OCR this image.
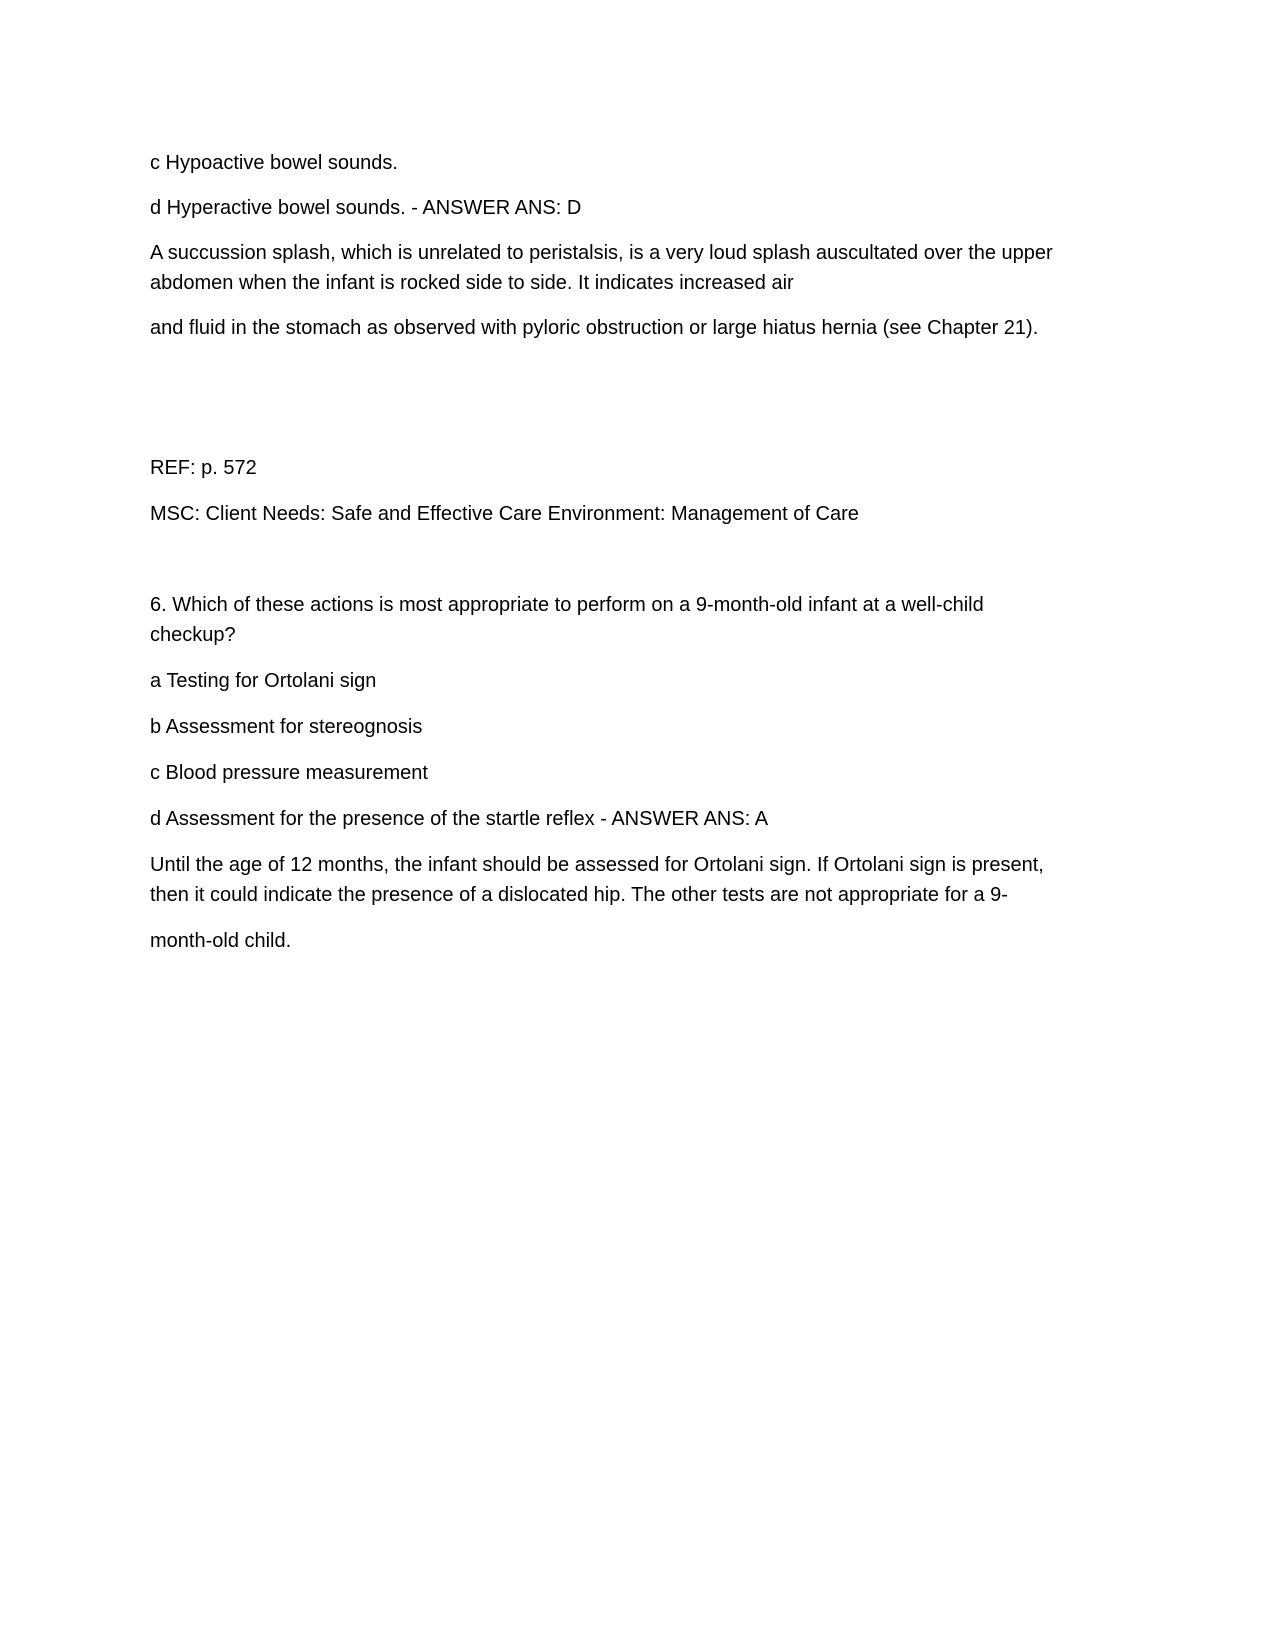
c Hypoactive bowel sounds.
d Hyperactive bowel sounds. - ANSWER ANS: D
A succussion splash, which is unrelated to peristalsis, is a very loud splash auscultated over the upper
abdomen when the infant is rocked side to side. It indicates increased air
and fluid in the stomach as observed with pyloric obstruction or large hiatus hernia (see Chapter 21).
REF: p. 572
MSC: Client Needs: Safe and Effective Care Environment: Management of Care
6. Which of these actions is most appropriate to perform on a 9-month-old infant at a well-child
checkup?
a Testing for Ortolani sign
b Assessment for stereognosis
c Blood pressure measurement
d Assessment for the presence of the startle reflex - ANSWER ANS: A
Until the age of 12 months, the infant should be assessed for Ortolani sign. If Ortolani sign is present,
then it could indicate the presence of a dislocated hip. The other tests are not appropriate for a 9-
month-old child.
